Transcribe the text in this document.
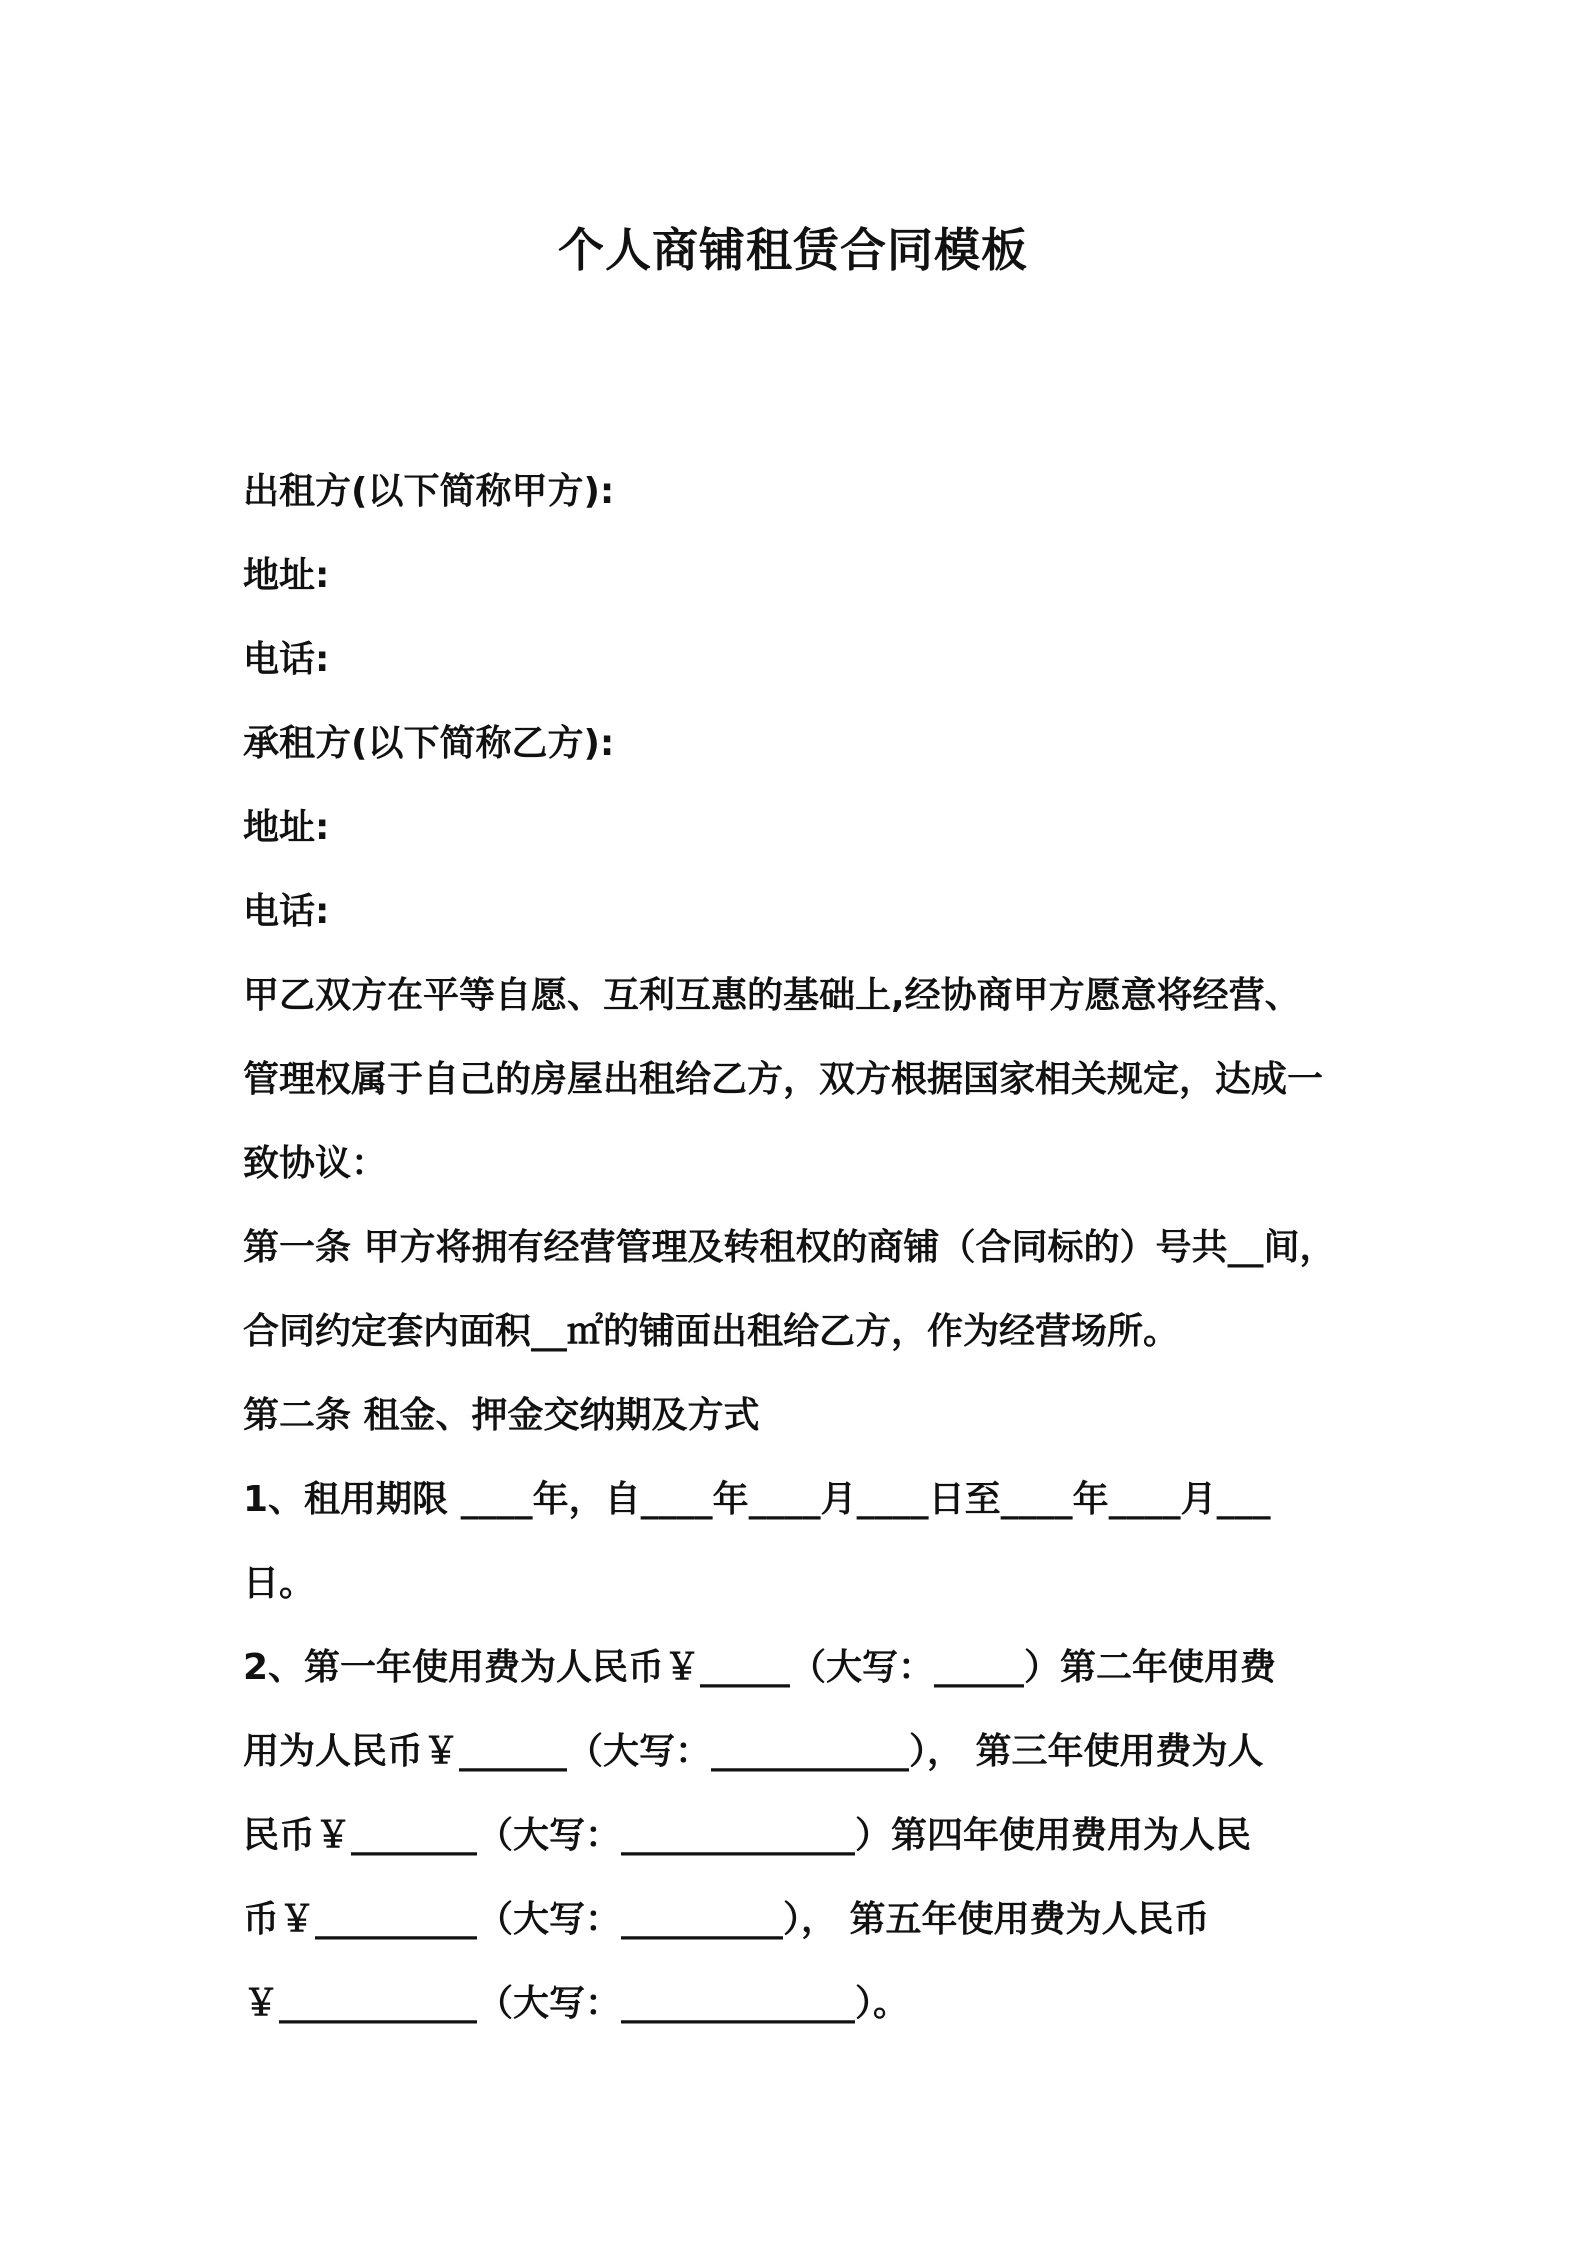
个人商铺租赁合同模板

出租方(以下简称甲方):

地址:

电话:

承租方(以下简称乙方):

地址:

电话:

甲乙双方在平等自愿、互利互惠的基础上,经协商甲方愿意将经营、

管理权属于自己的房屋出租给乙方，双方根据国家相关规定，达成一

致协议：

第一条 甲方将拥有经营管理及转租权的商铺（合同标的）号共__间，

合同约定套内面积__㎡的铺面出租给乙方，作为经营场所。

第二条 租金、押金交纳期及方式

1、租用期限 ____年，自____年____月____日至____年____月___

日。

2、第一年使用费为人民币￥_____（大写：_____）第二年使用费

用为人民币￥______（大写：___________）， 第三年使用费为人

民币￥_______（大写：_____________）第四年使用费用为人民

币￥_________（大写：_________）， 第五年使用费为人民币

￥___________（大写：_____________）。
